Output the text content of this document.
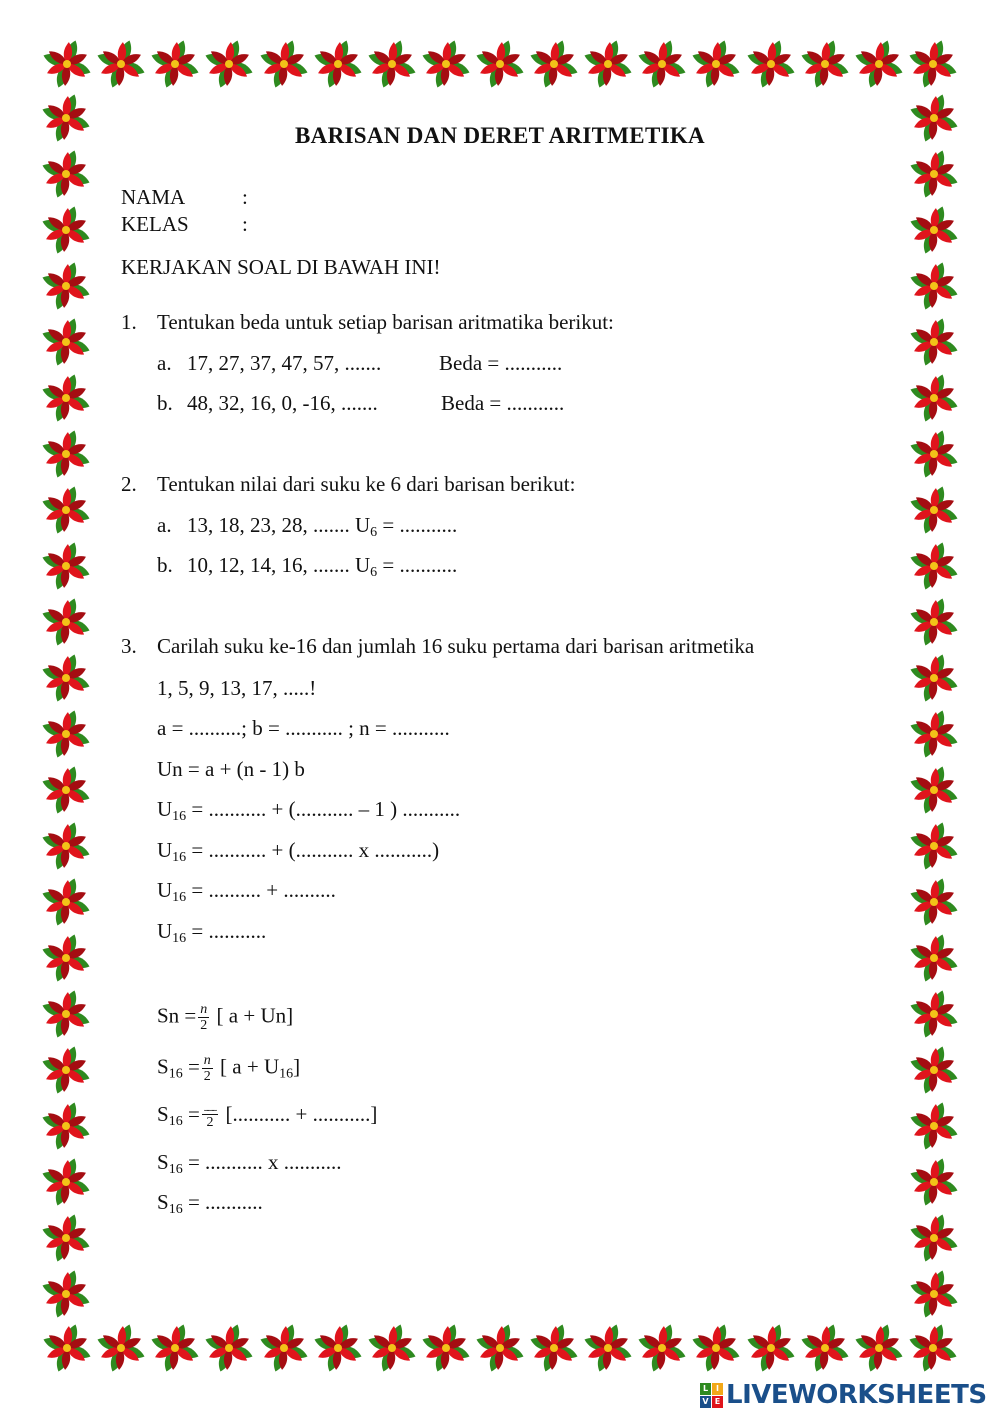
BARISAN DAN DERET ARITMETIKA
NAMA	:
KELAS	:
KERJAKAN SOAL DI BAWAH INI!
1. Tentukan beda untuk setiap barisan aritmatika berikut:
a. 17, 27, 37, 47, 57, .......	Beda = ...........
b. 48, 32, 16, 0, -16, .......	Beda = ...........
2. Tentukan nilai dari suku ke 6 dari barisan berikut:
a. 13, 18, 23, 28, ....... $U_6$ = ...........
b. 10, 12, 14, 16, ....... $U_6$ = ...........
3. Carilah suku ke-16 dan jumlah 16 suku pertama dari barisan aritmetika
1, 5, 9, 13, 17, .....!
a = ..........; b = ........... ; n = ...........
Un = a + (n - 1) b
$U_{16}$ = ........... + (........... – 1 ) ...........
$U_{16}$ = ........... + (........... x ...........)
$U_{16}$ = .......... + ..........
$U_{16}$ = ...........
$Sn = \frac{n}{2}$ [ a + Un]
$S_{16} = \frac{n}{2}$ [ $a + U_{16}$]
$S_{16} = \frac{..........}{2}$ [........... + ...........]
$S_{16}$ = ........... x ...........
$S_{16}$ = ...........
L I
V E LIVEWORKSHEETS
